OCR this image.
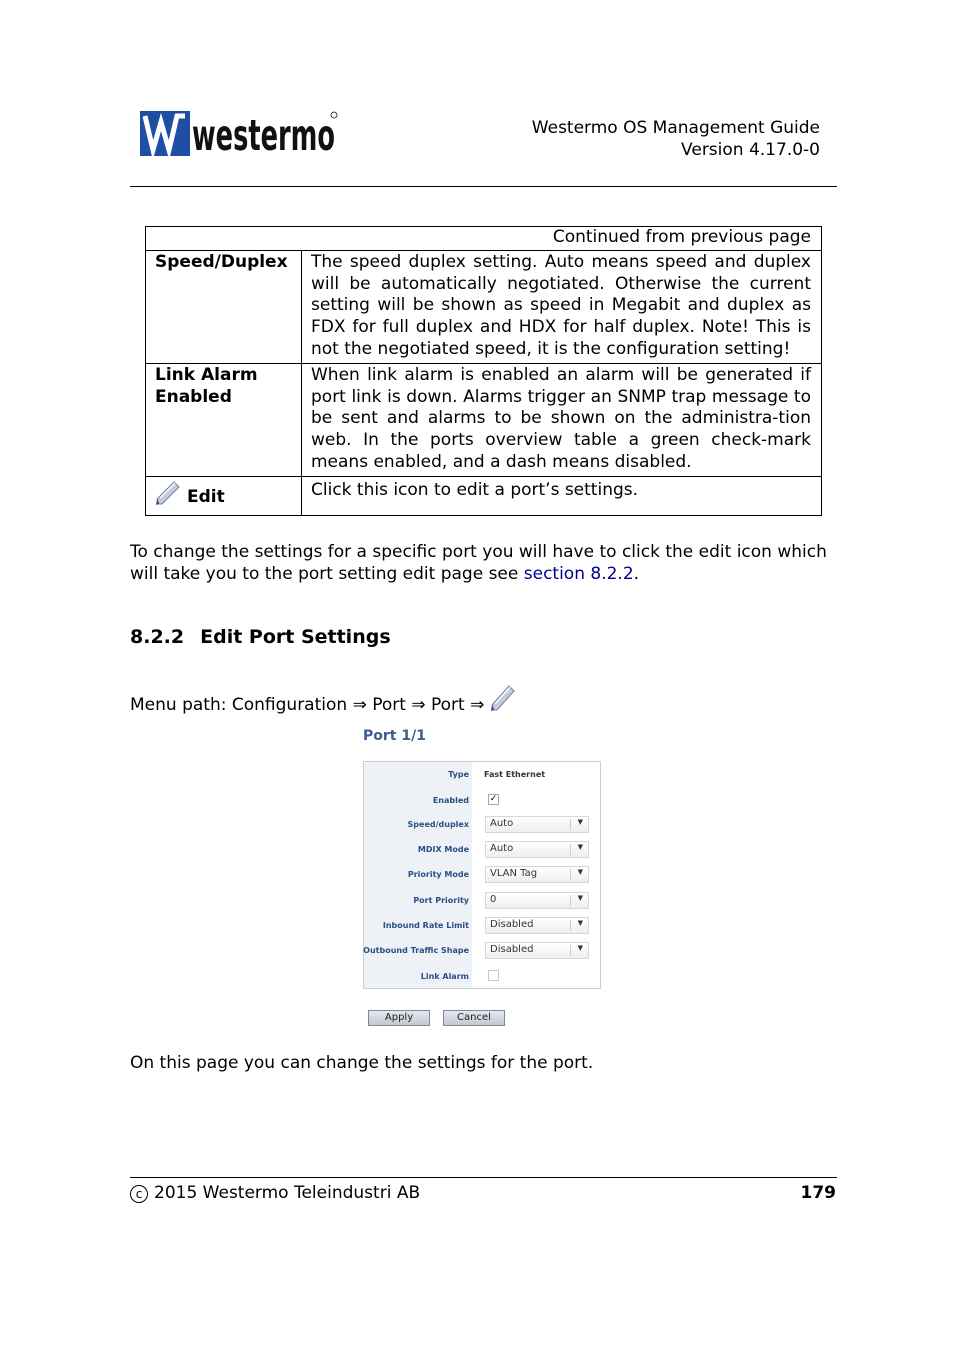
westermo	Westermo OS Management Guide
Version 4.17.0-0
Continued from previous page	
Speed/Duplex	The speed duplex setting. Auto means speed and duplex will be automatically negotiated. Otherwise the current setting will be shown as speed in Megabit and duplex as FDX for full duplex and HDX for half duplex. Note! This is not the negotiated speed, it is the configuration setting!

Link Alarm
Enabled	When link alarm is enabled an alarm will be generated if port link is down. Alarms trigger an SNMP trap message to be sent and alarms to be shown on the administra-tion web. In the ports overview table a green check-mark means enabled, and a dash means disabled.
Edit	Click this icon to edit a port’s settings.
To change the settings for a specific port you will have to click the edit icon which will take you to the port setting edit page see section 8.2.2.
8.2.2 Edit Port Settings
Menu path: Configuration ⇒ Port ⇒ Port ⇒
Port 1/1
Type Fast Ethernet
Enabled ✓
Speed/duplex Auto	▼
MDIX Mode Auto	▼
Priority Mode VLAN Tag	▼
Port Priority 0	▼
Inbound Rate Limit Disabled	▼
Outbound Traffic Shape Disabled	▼
Link Alarm
Apply	Cancel
On this page you can change the settings for the port.
c 2015 Westermo Teleindustri AB	179
